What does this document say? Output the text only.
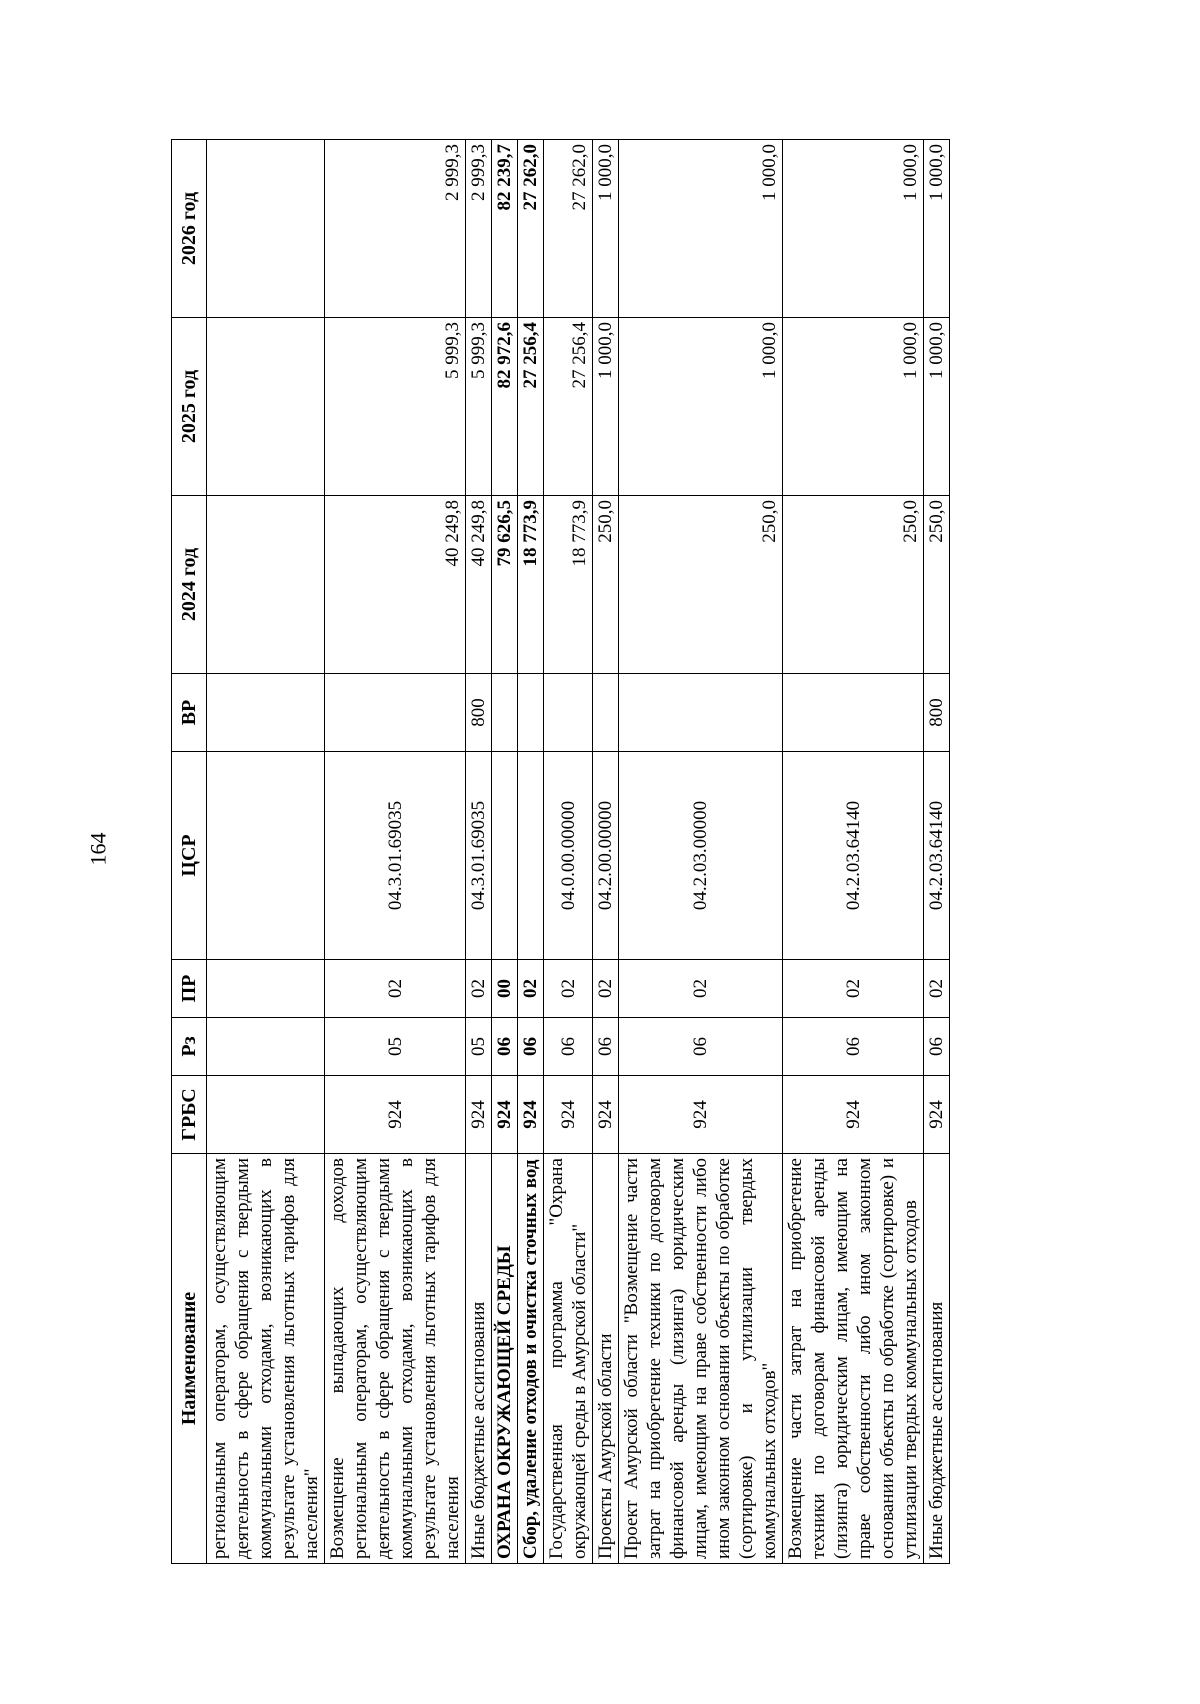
164
Наименование	ГРБС	Рз	ПР	ЦСР	ВР	2024 год	2025 год	2026 год
региональным операторам, осуществляющим деятельность в сфере обращения с твердыми коммунальными отходами, возникающих в результате установления льготных тарифов для населения"								
Возмещение выпадающих доходов региональным операторам, осуществляющим деятельность в сфере обращения с твердыми коммунальными отходами, возникающих в результате установления льготных тарифов для населения	924	05	02	04.3.01.69035		40 249,8	5 999,3	2 999,3
Иные бюджетные ассигнования	924	05	02	04.3.01.69035	800	40 249,8	5 999,3	2 999,3
ОХРАНА ОКРУЖАЮЩЕЙ СРЕДЫ	924	06	00			79 626,5	82 972,6	82 239,7
Сбор, удаление отходов и очистка сточных вод	924	06	02			18 773,9	27 256,4	27 262,0
Государственная программа "Охрана окружающей среды в Амурской области"	924	06	02	04.0.00.00000		18 773,9	27 256,4	27 262,0
Проекты Амурской области	924	06	02	04.2.00.00000		250,0	1 000,0	1 000,0
Проект Амурской области "Возмещение части затрат на приобретение техники по договорам финансовой аренды (лизинга) юридическим лицам, имеющим на праве собственности либо ином законном основании объекты по обработке (сортировке) и утилизации твердых коммунальных отходов"	924	06	02	04.2.03.00000		250,0	1 000,0	1 000,0
Возмещение части затрат на приобретение техники по договорам финансовой аренды (лизинга) юридическим лицам, имеющим на праве собственности либо ином законном основании объекты по обработке (сортировке) и утилизации твердых коммунальных отходов	924	06	02	04.2.03.64140		250,0	1 000,0	1 000,0
Иные бюджетные ассигнования	924	06	02	04.2.03.64140	800	250,0	1 000,0	1 000,0
